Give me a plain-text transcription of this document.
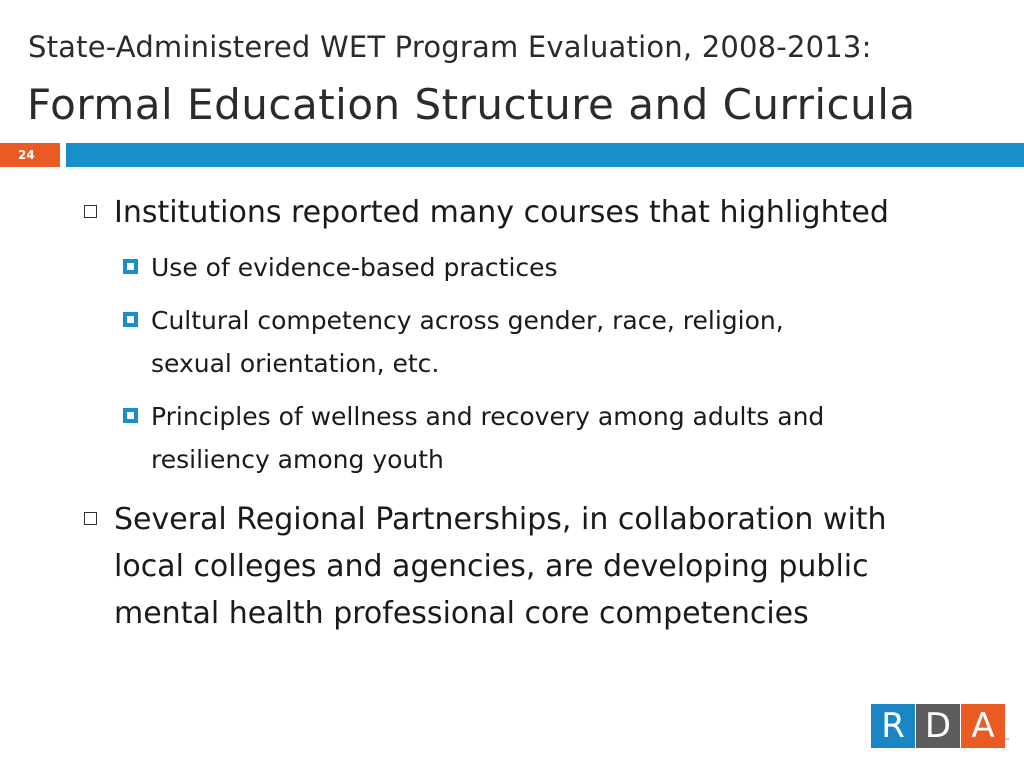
State-Administered WET Program Evaluation, 2008-2013:
Formal Education Structure and Curricula
24
Institutions reported many courses that highlighted
Use of evidence-based practices
Cultural competency across gender, race, religion,
sexual orientation, etc.
Principles of wellness and recovery among adults and
resiliency among youth
Several Regional Partnerships, in collaboration with
local colleges and agencies, are developing public
mental health professional core competencies
R D A	™
